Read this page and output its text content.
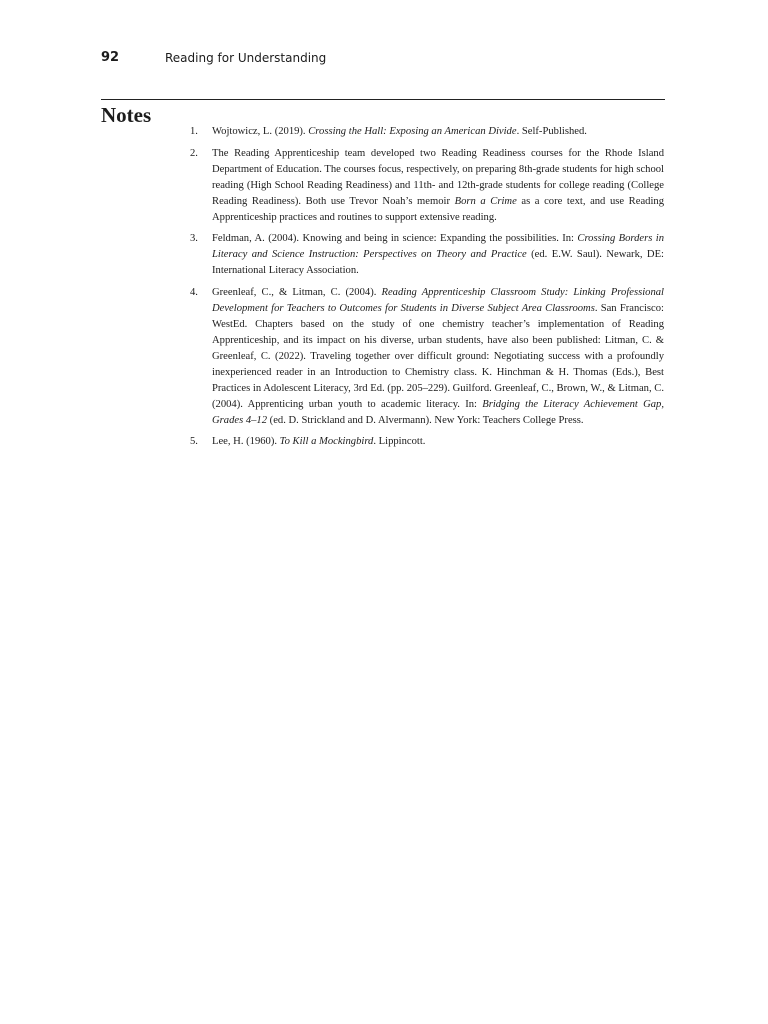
92	Reading for Understanding
Notes
1. Wojtowicz, L. (2019). Crossing the Hall: Exposing an American Divide. Self-Published.
2. The Reading Apprenticeship team developed two Reading Readiness courses for the Rhode Island Department of Education. The courses focus, respectively, on preparing 8th-grade students for high school reading (High School Reading Readiness) and 11th- and 12th-grade students for college reading (College Reading Readiness). Both use Trevor Noah’s memoir Born a Crime as a core text, and use Reading Apprenticeship practices and routines to support extensive reading.
3. Feldman, A. (2004). Knowing and being in science: Expanding the possibilities. In: Crossing Borders in Literacy and Science Instruction: Perspectives on Theory and Practice (ed. E.W. Saul). Newark, DE: International Literacy Association.
4. Greenleaf, C., & Litman, C. (2004). Reading Apprenticeship Classroom Study: Linking Professional Development for Teachers to Outcomes for Students in Diverse Subject Area Classrooms. San Francisco: WestEd. Chapters based on the study of one chemistry teacher’s implementation of Reading Apprenticeship, and its impact on his diverse, urban students, have also been published: Litman, C. & Greenleaf, C. (2022). Traveling together over difficult ground: Negotiating success with a profoundly inexperienced reader in an Introduction to Chemistry class. K. Hinchman & H. Thomas (Eds.), Best Practices in Adolescent Literacy, 3rd Ed. (pp. 205–229). Guilford. Greenleaf, C., Brown, W., & Litman, C. (2004). Apprenticing urban youth to academic literacy. In: Bridging the Literacy Achievement Gap, Grades 4–12 (ed. D. Strickland and D. Alvermann). New York: Teachers College Press.
5. Lee, H. (1960). To Kill a Mockingbird. Lippincott.
